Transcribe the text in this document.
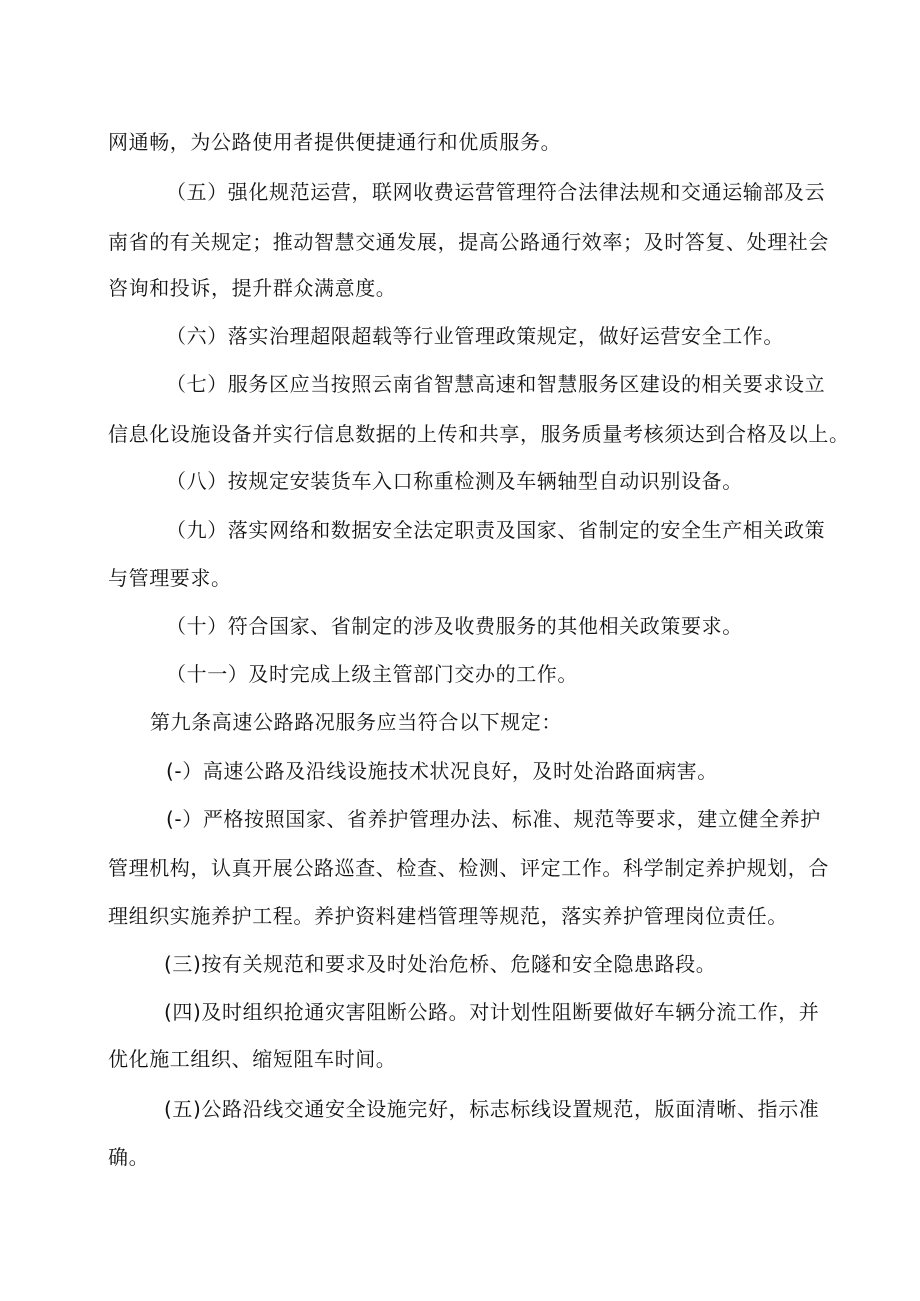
网通畅，为公路使用者提供便捷通行和优质服务。
（五）强化规范运营，联网收费运营管理符合法律法规和交通运输部及云
南省的有关规定；推动智慧交通发展，提高公路通行效率；及时答复、处理社会
咨询和投诉，提升群众满意度。
（六）落实治理超限超载等行业管理政策规定，做好运营安全工作。
（七）服务区应当按照云南省智慧高速和智慧服务区建设的相关要求设立
信息化设施设备并实行信息数据的上传和共享，服务质量考核须达到合格及以上。
（八）按规定安装货车入口称重检测及车辆轴型自动识别设备。
（九）落实网络和数据安全法定职责及国家、省制定的安全生产相关政策
与管理要求。
（十）符合国家、省制定的涉及收费服务的其他相关政策要求。
（十一）及时完成上级主管部门交办的工作。
第九条高速公路路况服务应当符合以下规定：
(-）高速公路及沿线设施技术状况良好，及时处治路面病害。
(-）严格按照国家、省养护管理办法、标准、规范等要求，建立健全养护
管理机构，认真开展公路巡查、检查、检测、评定工作。科学制定养护规划，合
理组织实施养护工程。养护资料建档管理等规范，落实养护管理岗位责任。
(三)按有关规范和要求及时处治危桥、危隧和安全隐患路段。
(四)及时组织抢通灾害阻断公路。对计划性阻断要做好车辆分流工作，并
优化施工组织、缩短阻车时间。
(五)公路沿线交通安全设施完好，标志标线设置规范，版面清晰、指示准
确。
